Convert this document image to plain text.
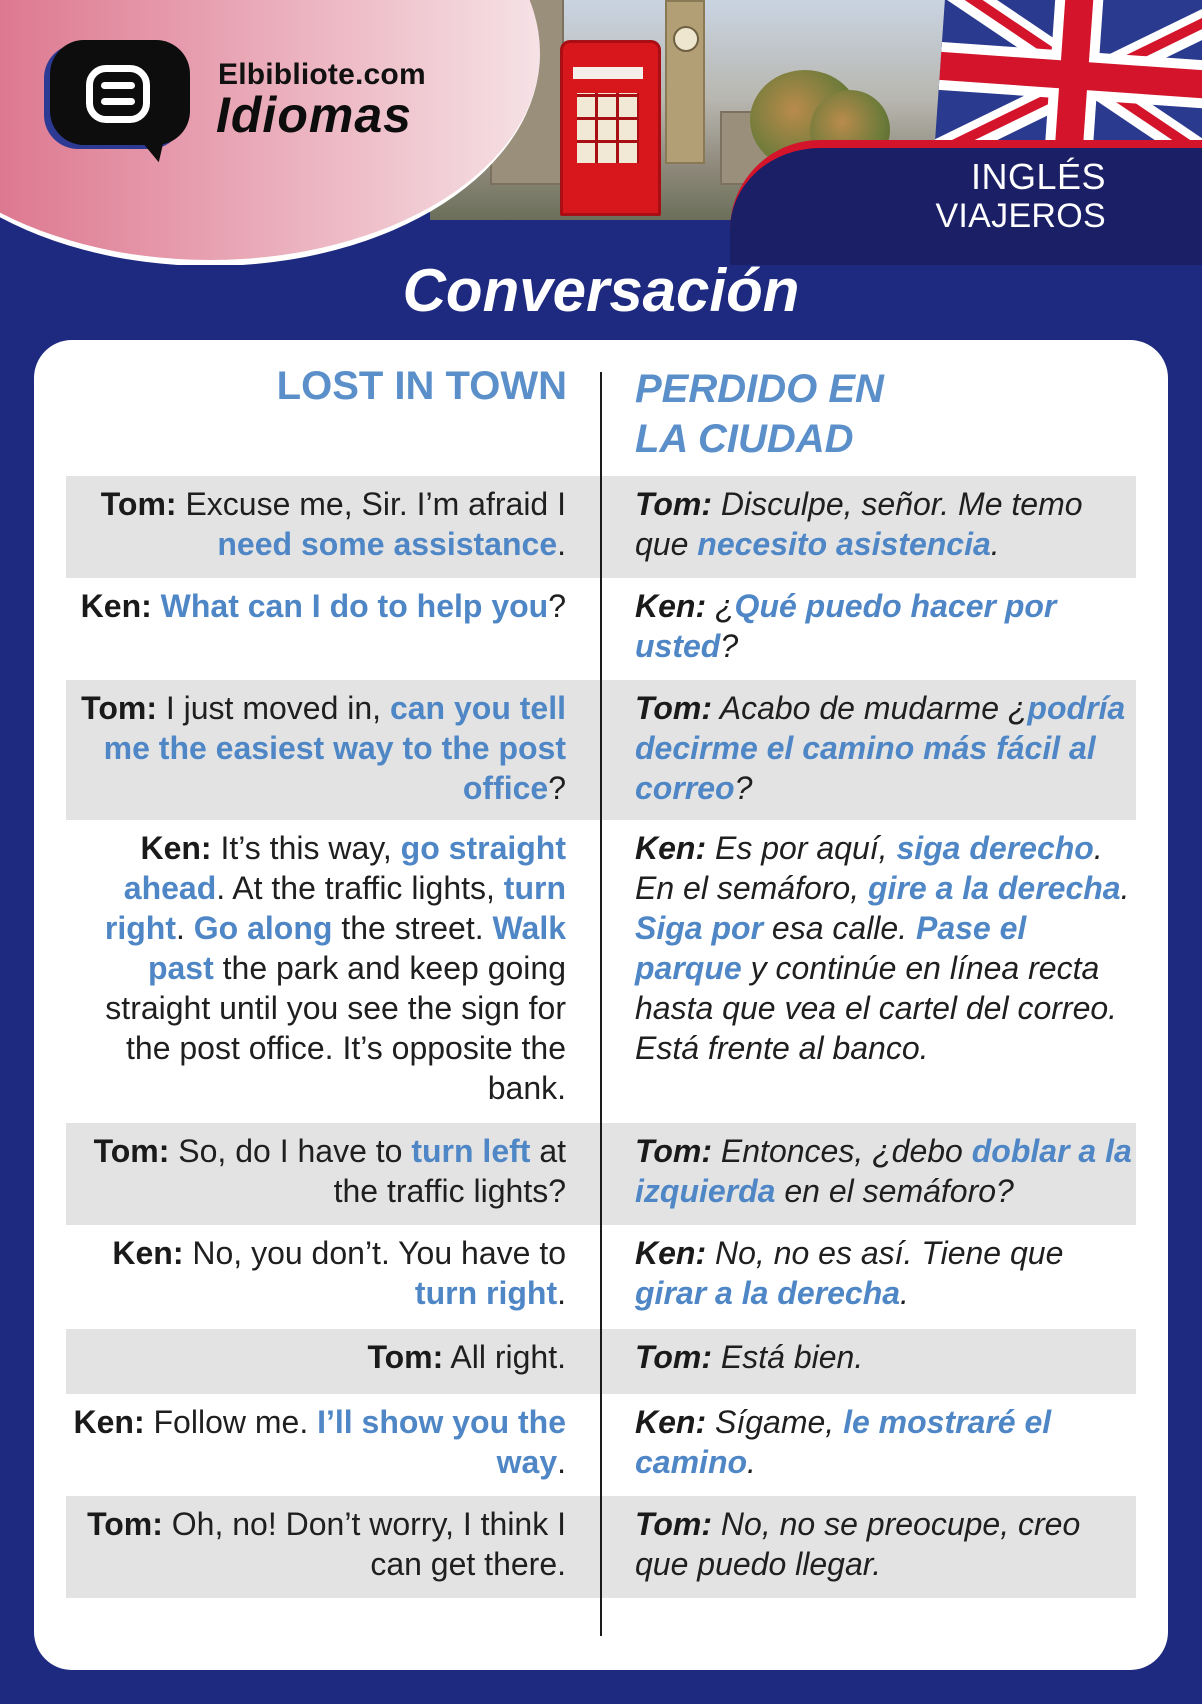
Elbibliote.com
Idiomas
INGLÉS
VIAJEROS
Conversación
Tom: Excuse me, Sir. I’m afraid I need some assistance.
Tom: Disculpe, señor. Me temo que necesito asistencia.
Ken: What can I do to help you? Ken: ¿Qué puedo hacer por usted?
Tom: I just moved in, can you tell me the easiest way to the post office?
Tom: Acabo de mudarme ¿podría decirme el camino más fácil al correo?
Ken: It’s this way, go straight ahead. At the traffic lights, turn right. Go along the street. Walk past the park and keep going straight until you see the sign for the post office. It’s opposite the bank.
Ken: Es por aquí, siga derecho. En el semáforo, gire a la derecha. Siga por esa calle. Pase el parque y continúe en línea recta hasta que vea el cartel del correo. Está frente al banco.
Tom: So, do I have to turn left at the traffic lights?
Tom: Entonces, ¿debo doblar a la izquierda en el semáforo?
Ken: No, you don’t. You have to turn right.
Ken: No, no es así. Tiene que girar a la derecha.
Tom: All right. Tom: Está bien.
Ken: Follow me. I’ll show you the way.
Ken: Sígame, le mostraré el camino.
Tom: Oh, no! Don’t worry, I think I can get there.
Tom: No, no se preocupe, creo que puedo llegar.
LOST IN TOWN PERDIDO EN
LA CIUDAD
